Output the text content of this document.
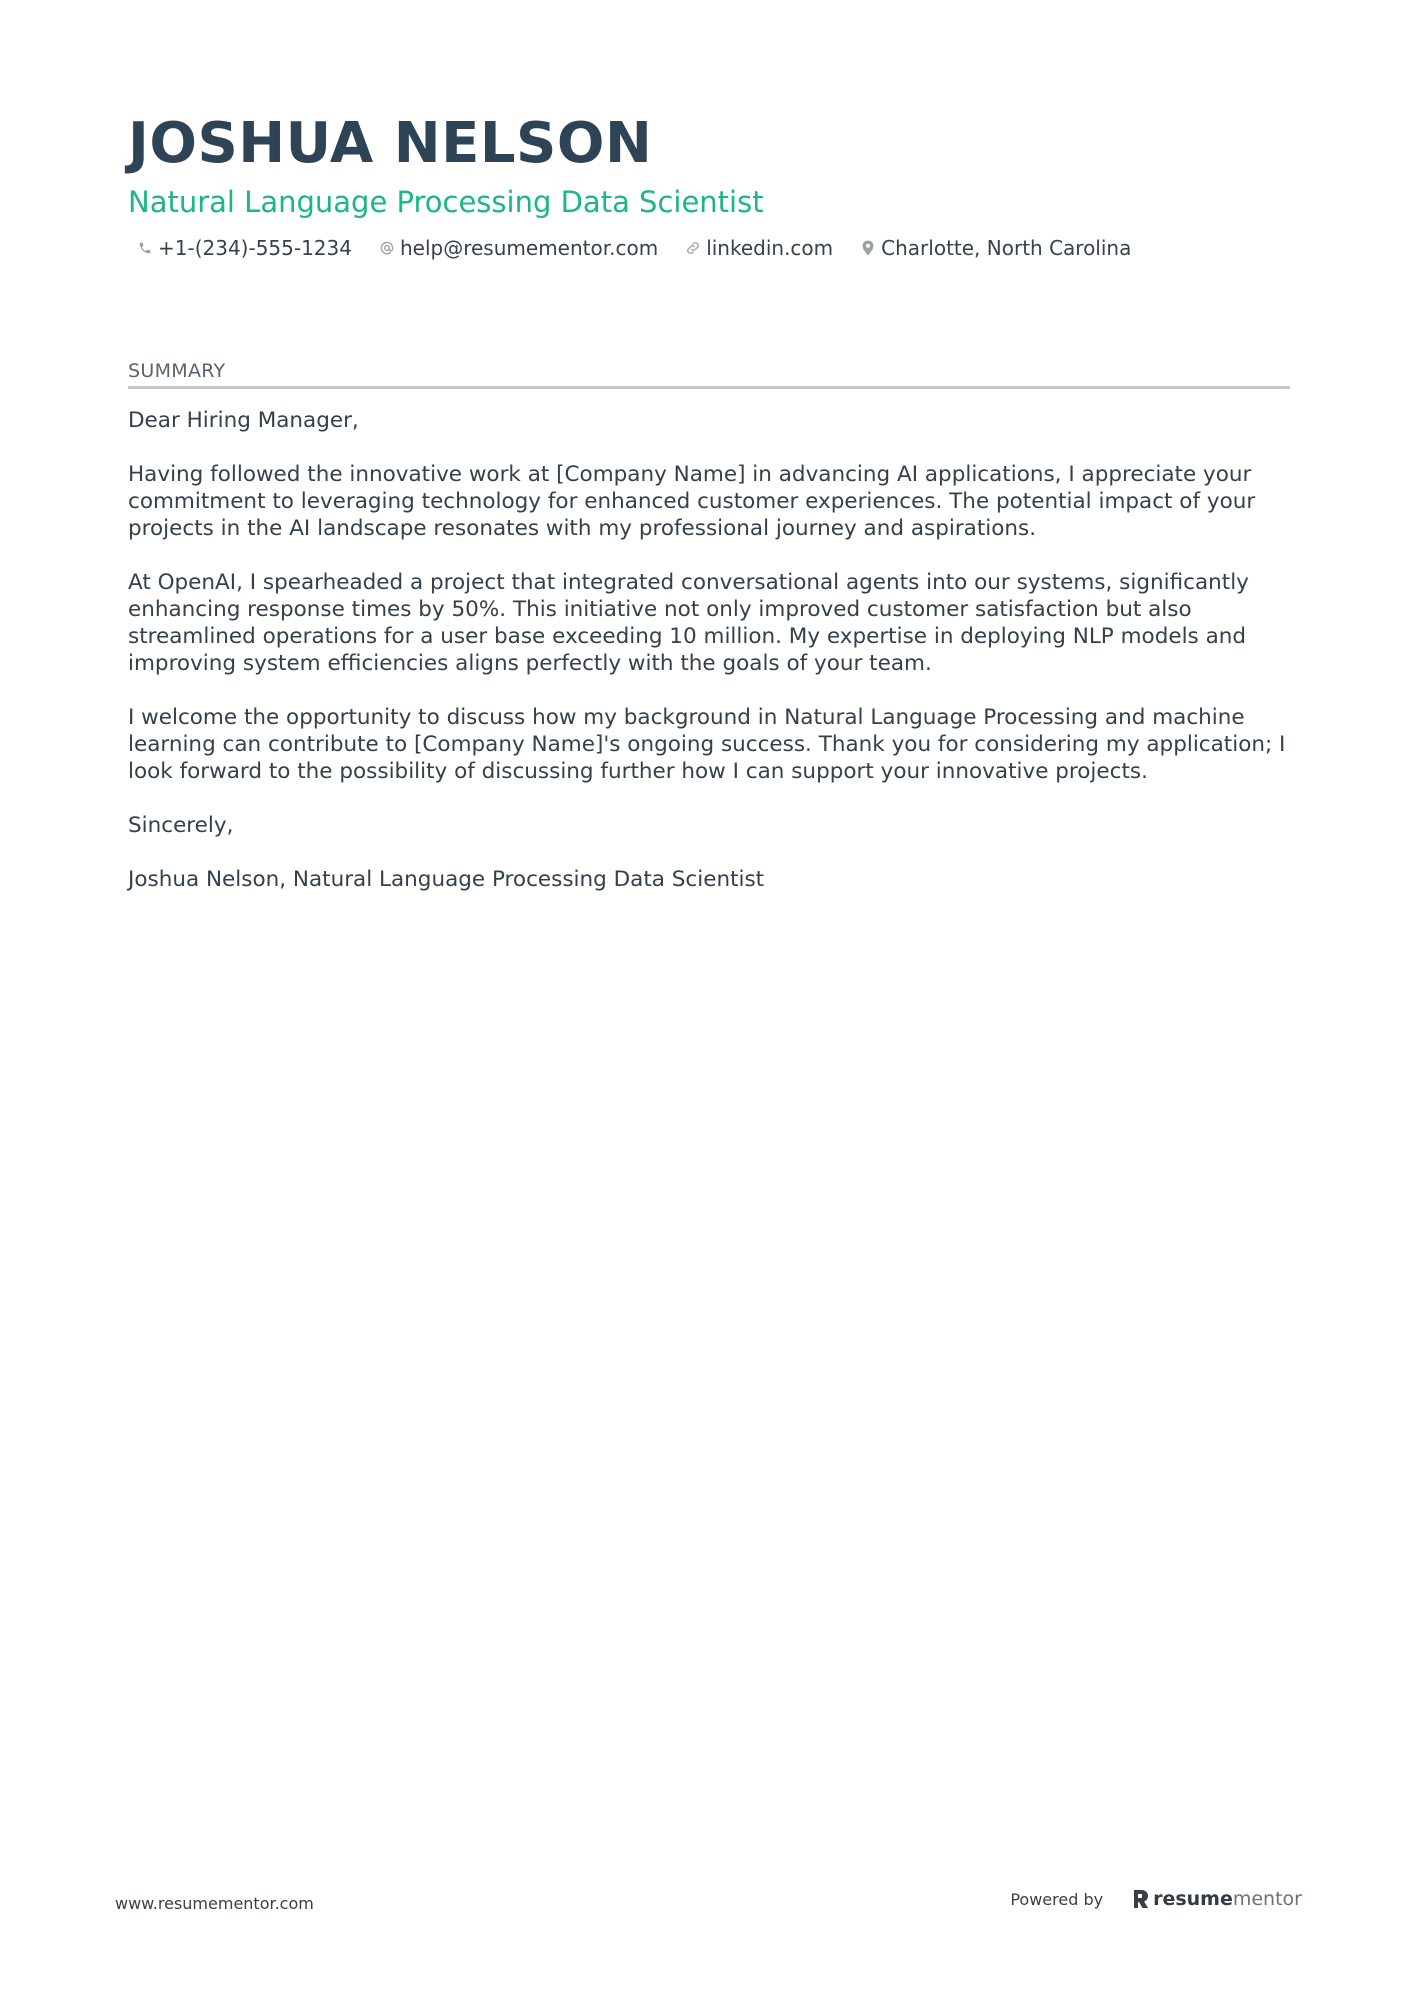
JOSHUA NELSON
Natural Language Processing Data Scientist
+1-(234)-555-1234 help@resumementor.com linkedin.com Charlotte, North Carolina
SUMMARY

Dear Hiring Manager,

Having followed the innovative work at [Company Name] in advancing AI applications, I appreciate your commitment to leveraging technology for enhanced customer experiences. The potential impact of your projects in the AI landscape resonates with my professional journey and aspirations.

At OpenAI, I spearheaded a project that integrated conversational agents into our systems, significantly enhancing response times by 50%. This initiative not only improved customer satisfaction but also streamlined operations for a user base exceeding 10 million. My expertise in deploying NLP models and improving system efficiencies aligns perfectly with the goals of your team.

I welcome the opportunity to discuss how my background in Natural Language Processing and machine learning can contribute to [Company Name]'s ongoing success. Thank you for considering my application; I look forward to the possibility of discussing further how I can support your innovative projects.

Sincerely,

Joshua Nelson, Natural Language Processing Data Scientist

www.resumementor.com	Powered by	resume mentor
